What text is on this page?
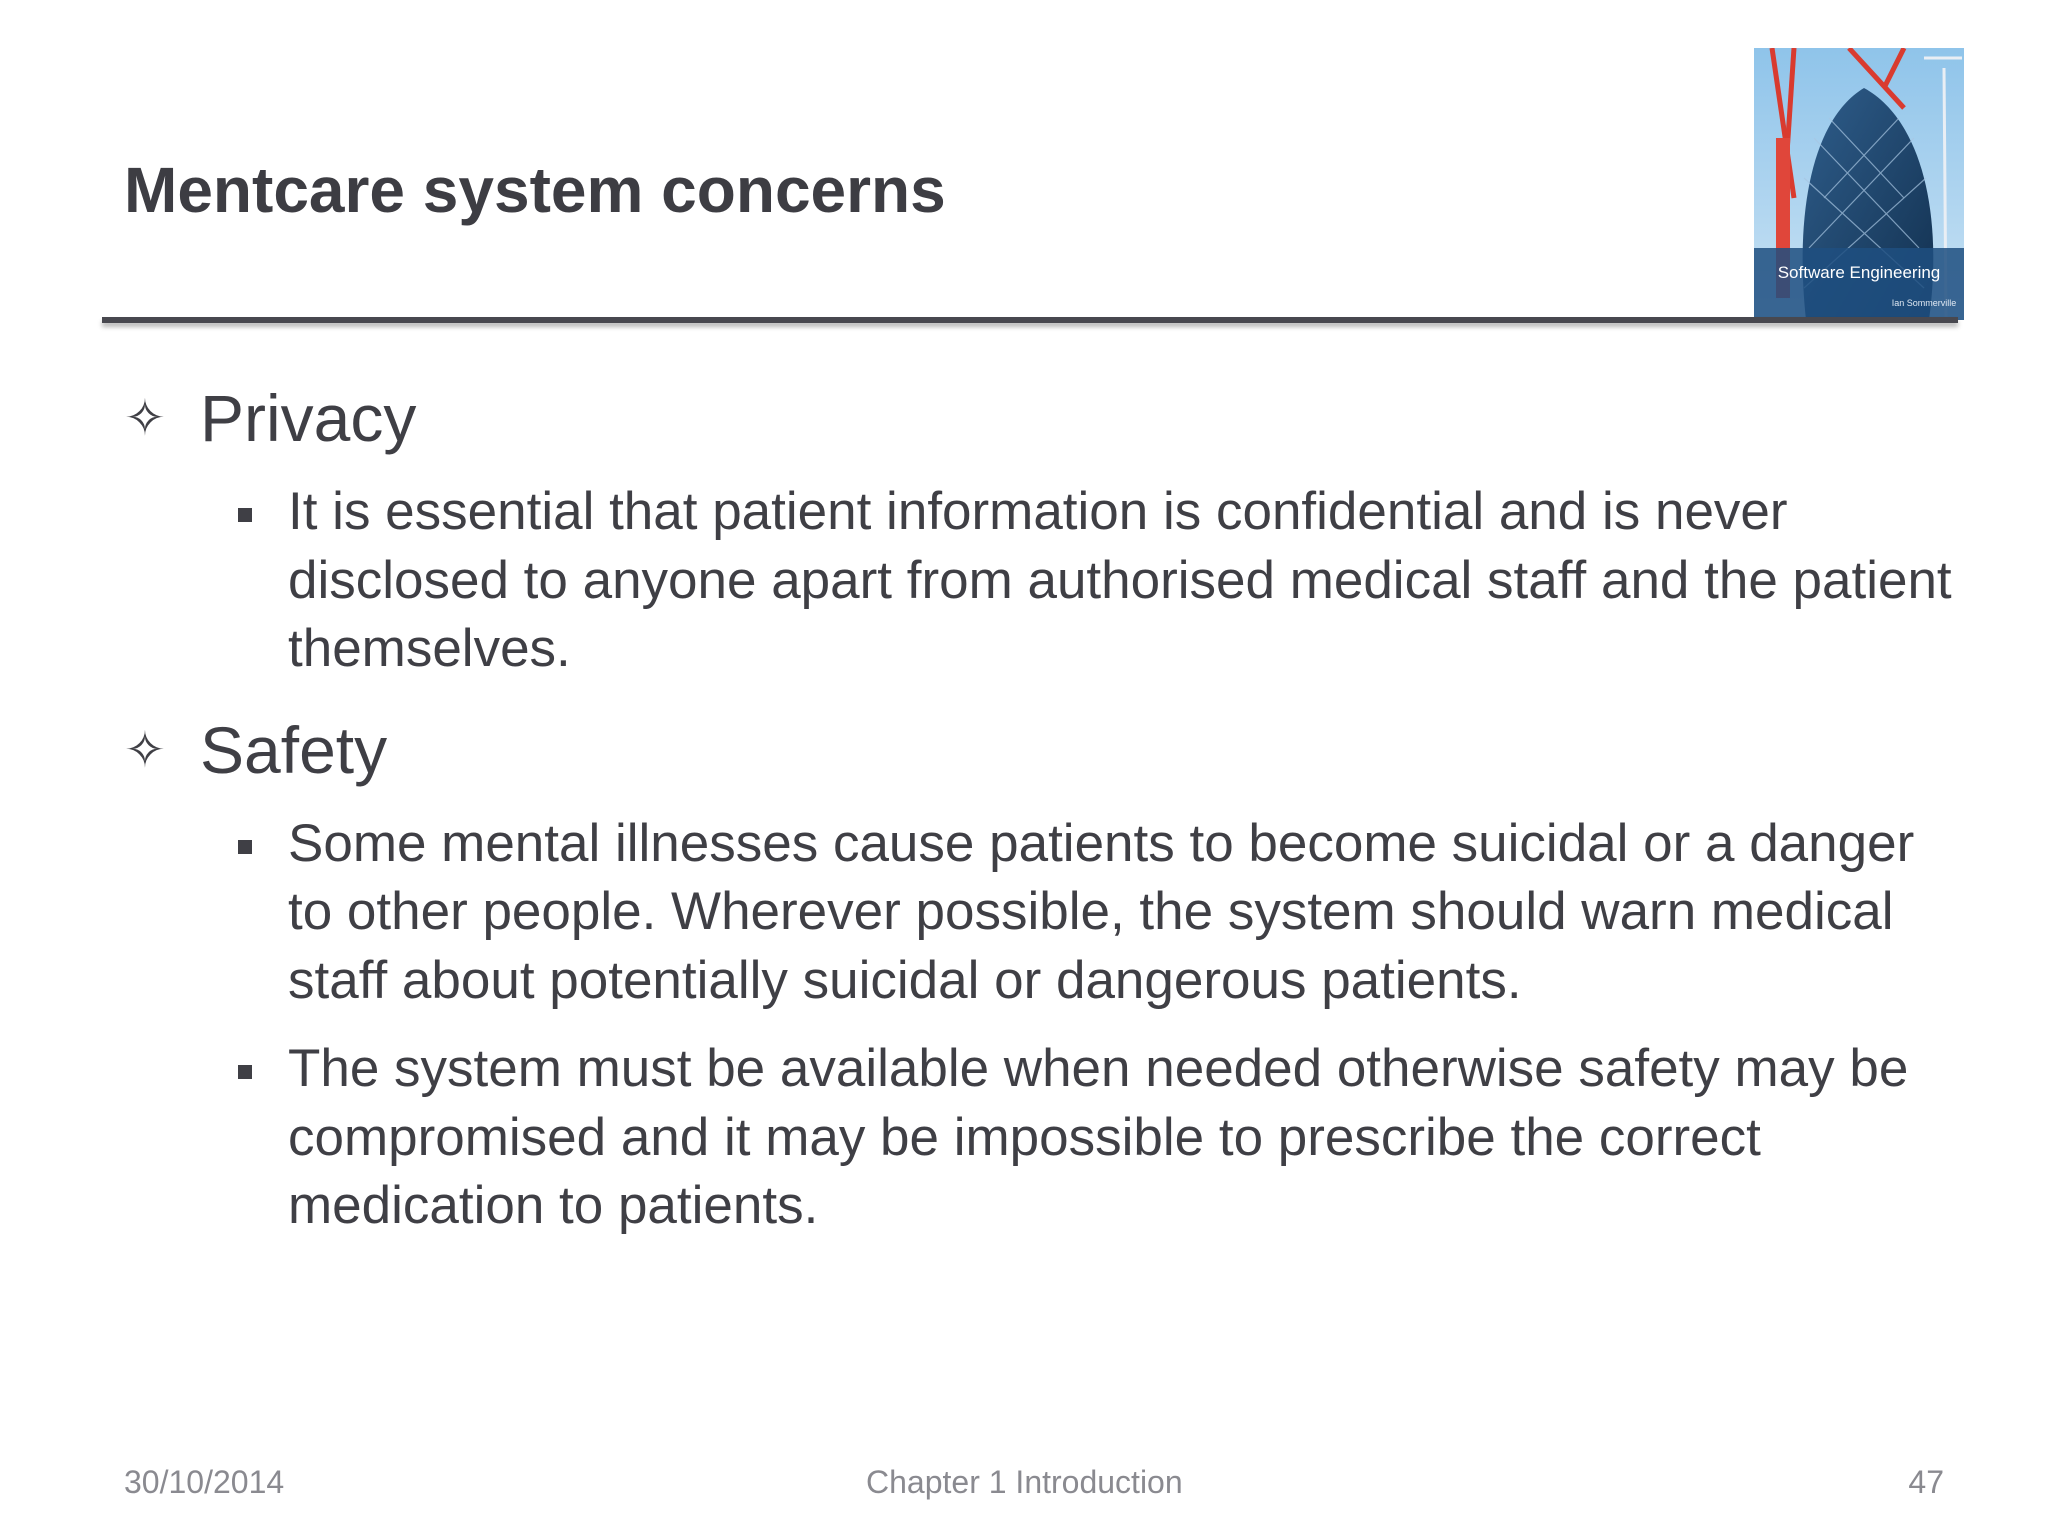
Mentcare system concerns
Software Engineering
Ian Sommerville
✧ Privacy
It is essential that patient information is confidential and is never disclosed to anyone apart from authorised medical staff and the patient themselves.
✧ Safety
Some mental illnesses cause patients to become suicidal or a danger to other people. Wherever possible, the system should warn medical staff about potentially suicidal or dangerous patients.
The system must be available when needed otherwise safety may be compromised and it may be impossible to prescribe the correct medication to patients.
30/10/2014	Chapter 1 Introduction	47
